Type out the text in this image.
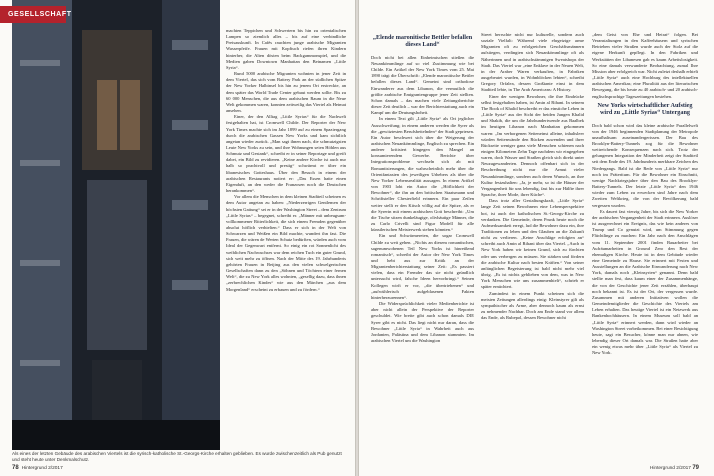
GESELLSCHAFT
Als eines der letzten Gebäude des arabischen Viertels ist die syrisch-katholische St.-Georgs-Kirche erhalten geblieben. Es wurde zwischenzeitlich als Pub genutzt und steht heute unter Denkmalschutz.

machten Teppichen und Schwertern bis hin zu orientalischen Lampen so ziemlich alles – bis auf eine verbindliche Preisauskunft. In Cafés rauchten junge arabische Migranten Wasserpfeife. Frauen mit Kopftuch riefen ihren Kindern hinterher, die Alten dösten beim Backgammonspiel, und die Medien gaben Downtown Manhattan den Beinamen „Little Syria“.

Rund 5000 arabische Migranten wohnten in jener Zeit in dem Viertel, das sich vom Battery Park an der südlichen Spitze der New Yorker Halbinsel bis hin zu jenem Ort erstreckte, an dem später das World Trade Center gebaut werden sollte. Bis zu 60 000 Menschen, die aus dem arabischen Raum in die Neue Welt gekommen waren, konnten zeitweilig das Viertel als Heimat ansehen.

Einer, der den Alltag „Little Syrias“ für die Nachwelt festgehalten hat, ist Cromwell Childe. Der Reporter der New York Times machte sich im Jahr 1899 auf zu einem Spaziergang durch die arabischen Gassen New Yorks und kam sichtlich angetan wieder zurück. „Man sagt ihnen nach, die schmutzigsten Leute New Yorks zu sein, und ihre Wohnungen seien Höhlen aus Schmutz und Gestank“, schreibt er in seiner Reportage und greift dabei, ein Bild zu revidieren. „Keine andere Kirche ist auch nur halb so prachtvoll und prestig“ schwärmt er über ein libanesisches Gotteshaus. Über den Besuch in einem der arabischen Restaurants notiert er: „Das Essen hatte einen Eigenduft, an den weder die Franzosen noch die Deutschen herankommen“.

Vor allem die Menschen in dem kleinen Stadtteil scheinen es dem Autor angetan zu haben: „Niederzerrigen Gentlemen der höchsten Gattung“ sei er in der Washington Street – dem Zentrum „Little Syrias“ – begegnet, schreibt er. „Männer mit unbeugsam-vollkommener Ritterlichkeit, die sich einem Fremden gegenüber absolut höflich verhielten.“ Dass er sich in der Welt von Schwarzen und Weißen ein Bild machte, wundert ihn fast. Die Frauen, die wären de Werten Schutz bedürften, würden auch vom Ideal der Gegenwart entfernt. So einig ein rot Sonnenlicht des weiblichen Nachwuchses war dem reichen Tuch ein guter Grund, sich weit mehr zu öffnen. Nach der Mitte des 19. Jahrhunderts gehörten Frauen in Beijing aus den vielen schwelgerischen Gesellschaften dann zu den „Söhnen und Töchtern einer fernen Welt“, die zu New York alles wohnten, „gesellig dazu, dass ihnen „zerbrechlichen Kindes“ wie aus den Märchen „aus dem Morgenland“ erscheint zu erbauen und zu fördern.“

78 Hintergrund 2/2017
„Elende maronitische Bettler befallen dieses Land“

Doch nicht bei allen Einheimischen stießen die Neuankömmlinge auf so viel Zustimmung wie bei Childe. Ein Artikel der New York Times vom 25. Mai 1890 trägt die Überschrift: „Elende maronitische Bettler befallen dieses Land“. Gemeint sind orthodoxe Einwanderer aus dem Libanon, die vermutlich die größte arabische Emigrantengruppe jener Zeit stellten. Schon damals – das machen viele Zeitungsberichte dieser Zeit deutlich – war der Berichterstattung auch ein Kampf um die Deutungshoheit.

In einem Text gilt „Little Syria“ als Ort jeglicher Ausschweifung; in einem anderen werden die Syrer als die „gewitztesten Berufsbettelnden“ der Stadt gepriesen. Ein Autor beschwert sich über die Weigerung der arabischen Neuankömmlinge, Englisch zu sprechen. Ein anderer kritisiert hingegen den Mangel an konsumierendem Gewerbe. Berichte über Integrationsprobleme wechseln sich ab mit Romantisierungen, die wahrscheinlich mehr über die Orientfantasien des jeweiligen Urhebers als über die New Yorker Lebensrealität aussagen. In einem Artikel von 1903 lobt ein Autor die „Höflichkeit der Bewohner“, die ihn an den britischen Staatsmann und Schriftsteller Chesterfield erinnern. Ein paar Zeilen weiter stellt er den Kitsch völlig auf die Spitze, als er die Syrerin mit einem arabischen Gott beschreibt: „Um die Tische sitzen dunkeläugige, olivhäutige Männer, die zu Carlo Crivelli sind Figur Modell für alle künstlerischen Meisterwerk stehen könnten.“

Ein und Schwärmereien, die sogar Cromwell Childe zu weit gehen. „Nichts an diesem romantischen, sagenumwobenen Teil New Yorks ist hinreißend romantisch“, schreibt der Autor der New York Times und hebt aus zur Kritik an der Migrantenberichterstattung seiner Zeit: „Es passiert vielen, dass ein Fremder das sie nicht gründlich untersucht wird, falsche Ideen hervorbringt.“ Seinen Kollegen wirft er vor, „die übertriebenen“ und „aufwühlerisch aufgeblasenen Fakten hinterherzurennen“.

Die Widersprüchlichkeit vieler Medienberichte ist aber nicht allein der Perspektive der Reporter geschuldet. Wie breite gibt auch schon damals DIE Syrer gibt es nicht. Das liegt nicht nur daran, dass die Bewohner „Little Syria“ in Wahrheit auch aus Jordanien, Palästina und dem Libanon stammten. Im arabischen Viertel um die Washington

Street herrschte nicht nur kulturelle, sondern auch soziale Vielfalt: Während viele ehrgeizige arme Migranten oft zu erfolgreichen Geschäftsmännern aufstiegen, verdingten sich Neuankömmlinge oft als Näherinnen und in arabischstämmigen Sweatshops der Stadt. Das Viertel war „eine Enklave in der Neuen Welt, in der Araber Waren verkauften, in Fabriken ausgebeutet wurden, in Wohnblöcken lebten“, schreibt Gregory Orfalea, dessen Großtante einst in dem Stadtteil lebte, in The Arab Americans: A History.

Einer der wenigen Bewohner, die ihre Eindrücke selbst festgehalten haben, ist Amin al Rihani. In seinem The Book of Khalid beschreibt er das einstiche Leben in „Little Syria“ aus der Sicht der beiden Jungen Khalid und Shakib, die um die Jahrhundertwende aus Baalbek im heutigen Libanon nach Manhattan gekommen waren: „Im verborgenen Seiteneinst alleine, inhaltsleer würden Seitenwände den Rücken zuwenden und ihrer Rückseite weniger ganz viele Menschen schienen nach einigen Kilometern Zehn Tage nachdem wir eingegeben waren, doch Wasser und Straßen gleich sich direkt unter Neuzugewanderten. Dennoch offenbart sich in der Beschreibung nicht nur die Armut vieler Neuankömmlinge, sondern auch deren Wunsch, an ihre Kultur festzuhalten: „Ja, je mehr, so ist die Häuser der Vergangenheit für uns lebendig, fast bis zur Hälfte ihrer Sprache, ihrer Mode, ihrer Küche“.

Dass trotz aller Gestaltungskraft, „Little Syria“ lange Zeit seinen Bewohnern eine Lebensperspektive bot, ist auch der katholischen St.-Georgs-Kirche zu verdanken. Die Gemeinde, deren Prunk heute noch die Aufmerksamkeit erregt, lud die Bewohner dazu ein, ihre Traditionen zu leben und den Glauben an die Zukunft nicht zu verlieren. „Keine Anschläge erfolgten an“ schreibt auch Amin al Rihani über das Viertel. „Auch in New York haben wir keinen Grund, sich zu fürchten oder uns verbergen zu müssen. Sie stärken und fördern die arabische Kultur nach besten Kräften.“ Von seiner anfänglichen Begeisterung ist bald nicht mehr viel übrig. „Es ist nichts geblieben von dem, was in New York Menschen wie uns zusammenhielt“, schrieb er später ernüchtert.

Zumindest in einem Punkt scheinen sich die meisten Zeitungen allerdings einig: Kleinstyrer gilt als sympathischer als Arme, aber dennoch kaum als ernst zu nehmender Nachbar. Doch am Ende stand vor allem das Ende, als Rubepol, dessen Bewohner nicht

„dem Geist von Ehe und Heirat“ folgen. Bei Veranstaltungen in den Kaffeehäusern und syrischen Betrieben vieler Straßen wurde auch der Stolz auf die eigene Herkunft gepflegt. In den Fabriken und Werkstätten der Libanesen gab es kaum Arbeitslosigkeit. So eine damals verwunderte Beobachtung, zumal Ihre Mission aber erfolgreich war. Nicht zuletzt deshalb erhielt „Little Syria“ auch eine Hochburg des intellektuellen arabischen Amerikas; eine Pluralität aus der literarischen Bewegung, die bis heute zu 40 arabisch- und 20 arabisch-englischsprachige Tageszeitungen bestehen.

New Yorks wirtschaftlicher Aufstieg wird zu „Little Syrias“ Untergang

Doch bald schon wird das kleine arabische Parallelwelt von der 1946 beginnenden Stadtplanung der Metropole unaufhaltsam auseinandergerissen. Der Bau des Brooklyn-Battery-Tunnels zog für die Bewohner weitreichende Konsequenzen nach sich. Trotz der gelungenen Integration der Minderheit zeigt der Stadtteil seit dem Ende des 19. Jahrhunderts merkbare Zeichen des Niedergangs. Bald ist die Rede von „Little Syria“ nur noch im Präteritum. Für die Bewohner ein Einschnitt, wenige Nachkriegsjahre über den Bau des Brooklyn-Battery-Tunnels. Der letzte „Little Syria“ den 1946 wieder zum Leben zu erwecken sind Jahre nach dem Zweiten Weltkrieg, die von der Bevölkerung bald vergessen wurden.

Es dauert fast vierzig Jahre, bis sich die New Yorker der arabischen Vergangenheit der Stadt erinnern. Auslöser ist ausgerechnet ein Ereignis, das wie kein anderes von Trump und Co genutzt wird, um Stimmung gegen Flüchtlinge zu machen: Ein Jahr nach den Anschlägen vom 11. September 2001 finden Bauarbeiter bei Aufräumarbeiten in Ground Zero den Rest der ehemaligen Kirche. Heute ist in dem Gebäude wieder eine Gemeinde zu Hause. Sie erinnert mit Festen und Ausstellungen an die Arabische Einwanderung nach New York, damals noch „Kleinsyrien“ genannt. Denn bald stellte man fest, dass kaum einer der Zusammenhänge, die von der Geschichte jener Zeit erzählen, überhaupt noch bekannt ist. Es ist der Ort, der vergessen wurde. Zusammen mit anderen Initiativen wollen die Gemeindemitglieder die Geschichte des Viertels am Leben erhalten. Das heutige Viertel ist ein Netzwerk aus Bankenhochhäusern. In einem Museum soll bald an „Little Syria“ erinnert werden, dann wird wieder an Washington Street vorbeikommen. Bei einer Besichtigung heute, sagt ein Besucher, könne man nur ahnen, wie lebendig dieser Ort damals war. Die Straßen hatte aber ein wenig etwas mehr über „Little Syria“ als Viertel zu New York.

Hintergrund 2/2017 79
